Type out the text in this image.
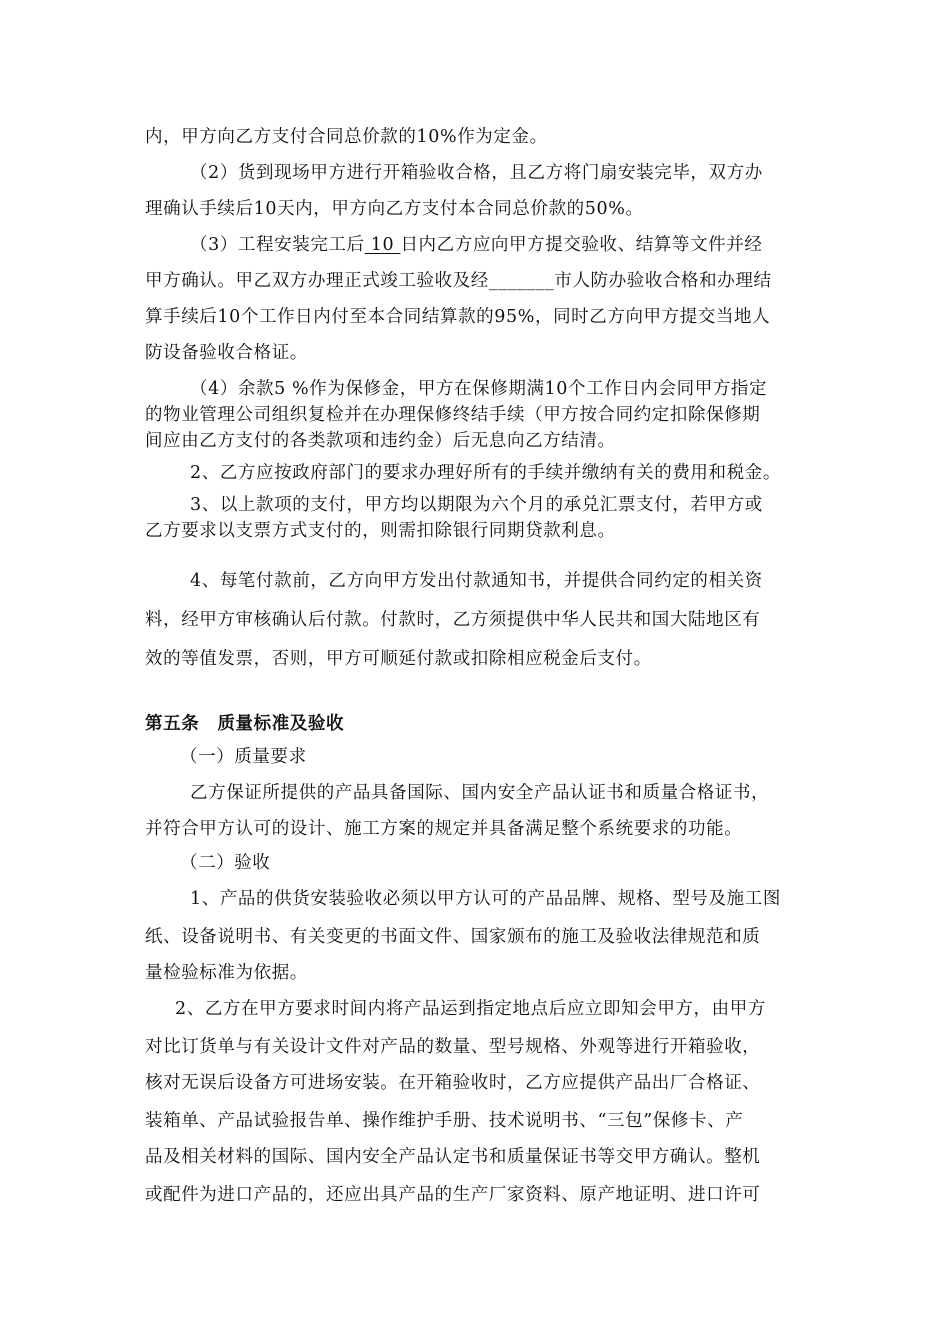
内，甲方向乙方支付合同总价款的10%作为定金。
（2）货到现场甲方进行开箱验收合格，且乙方将门扇安装完毕，双方办
理确认手续后10天内，甲方向乙方支付本合同总价款的50%。
（3）工程安装完工后 10 日内乙方应向甲方提交验收、结算等文件并经
甲方确认。甲乙双方办理正式竣工验收及经_______市人防办验收合格和办理结
算手续后10个工作日内付至本合同结算款的95%，同时乙方向甲方提交当地人
防设备验收合格证。
（4）余款5 %作为保修金，甲方在保修期满10个工作日内会同甲方指定
的物业管理公司组织复检并在办理保修终结手续（甲方按合同约定扣除保修期
间应由乙方支付的各类款项和违约金）后无息向乙方结清。
2、乙方应按政府部门的要求办理好所有的手续并缴纳有关的费用和税金。
3、以上款项的支付，甲方均以期限为六个月的承兑汇票支付，若甲方或
乙方要求以支票方式支付的，则需扣除银行同期贷款利息。
4、每笔付款前，乙方向甲方发出付款通知书，并提供合同约定的相关资
料，经甲方审核确认后付款。付款时，乙方须提供中华人民共和国大陆地区有
效的等值发票，否则，甲方可顺延付款或扣除相应税金后支付。
第五条　质量标准及验收
（一）质量要求
乙方保证所提供的产品具备国际、国内安全产品认证书和质量合格证书，
并符合甲方认可的设计、施工方案的规定并具备满足整个系统要求的功能。
（二）验收
1、产品的供货安装验收必须以甲方认可的产品品牌、规格、型号及施工图
纸、设备说明书、有关变更的书面文件、国家颁布的施工及验收法律规范和质
量检验标准为依据。
2、乙方在甲方要求时间内将产品运到指定地点后应立即知会甲方，由甲方
对比订货单与有关设计文件对产品的数量、型号规格、外观等进行开箱验收，
核对无误后设备方可进场安装。在开箱验收时，乙方应提供产品出厂合格证、
装箱单、产品试验报告单、操作维护手册、技术说明书、“三包”保修卡、产
品及相关材料的国际、国内安全产品认定书和质量保证书等交甲方确认。整机
或配件为进口产品的，还应出具产品的生产厂家资料、原产地证明、进口许可
